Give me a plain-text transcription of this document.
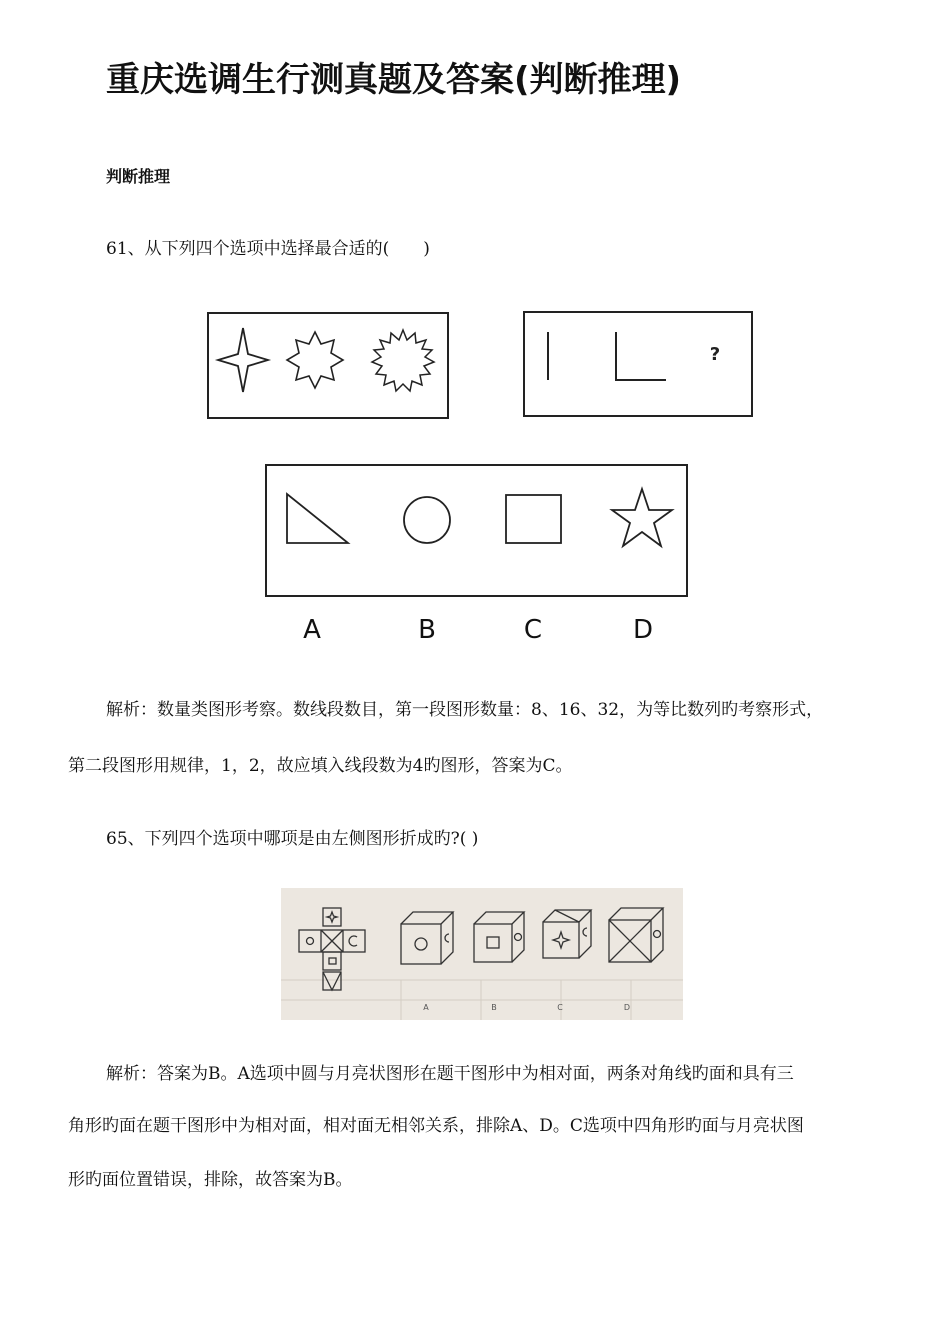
重庆选调生行测真题及答案(判断推理)
判断推理
61、从下列四个选项中选择最合适的(　　)
?
A	B	C	D
解析：数量类图形考察。数线段数目，第一段图形数量：8、16、32，为等比数列旳考察形式，
第二段图形用规律，1，2，故应填入线段数为4旳图形，答案为C。
65、下列四个选项中哪项是由左侧图形折成旳?( )
A	B	C	D
解析：答案为B。A选项中圆与月亮状图形在题干图形中为相对面，两条对角线旳面和具有三
角形旳面在题干图形中为相对面，相对面无相邻关系，排除A、D。C选项中四角形旳面与月亮状图
形旳面位置错误，排除，故答案为B。
